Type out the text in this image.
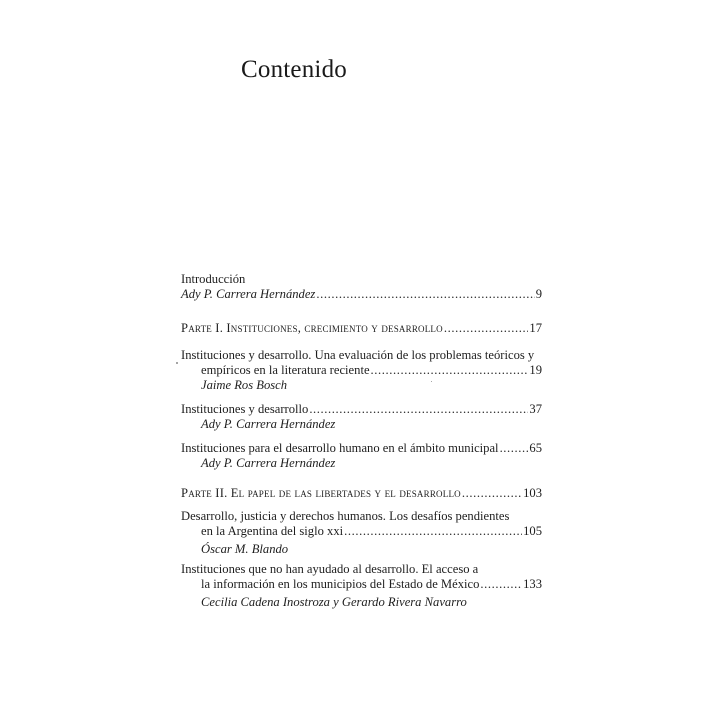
Contenido
Introducción
Ady P. Carrera Hernández .....	9
Parte I. Instituciones, crecimiento y desarrollo .....	17
Instituciones y desarrollo. Una evaluación de los problemas teóricos y
empíricos en la literatura reciente .....	19
Jaime Ros Bosch
Instituciones y desarrollo .....	37
Ady P. Carrera Hernández
Instituciones para el desarrollo humano en el ámbito municipal ..... 65
Ady P. Carrera Hernández
Parte II. El papel de las libertades y el desarrollo .....	103
Desarrollo, justicia y derechos humanos. Los desafíos pendientes
en la Argentina del siglo xxi .....	105
Óscar M. Blando
Instituciones que no han ayudado al desarrollo. El acceso a
la información en los municipios del Estado de México .....	133
Cecilia Cadena Inostroza y Gerardo Rivera Navarro
